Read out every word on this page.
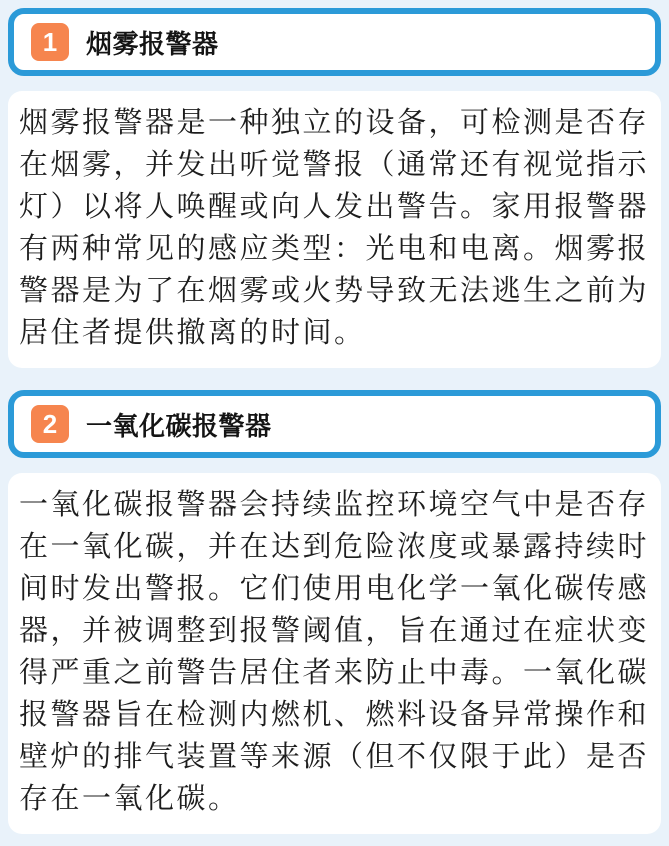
1 烟雾报警器

烟雾报警器是一种独立的设备，可检测是否存在烟雾，并发出听觉警报（通常还有视觉指示灯）以将人唤醒或向人发出警告。家用报警器有两种常见的感应类型：光电和电离。烟雾报警器是为了在烟雾或火势导致无法逃生之前为居住者提供撤离的时间。

2 一氧化碳报警器

一氧化碳报警器会持续监控环境空气中是否存在一氧化碳，并在达到危险浓度或暴露持续时间时发出警报。它们使用电化学一氧化碳传感器，并被调整到报警阈值，旨在通过在症状变得严重之前警告居住者来防止中毒。一氧化碳报警器旨在检测内燃机、燃料设备异常操作和壁炉的排气装置等来源（但不仅限于此）是否存在一氧化碳。
